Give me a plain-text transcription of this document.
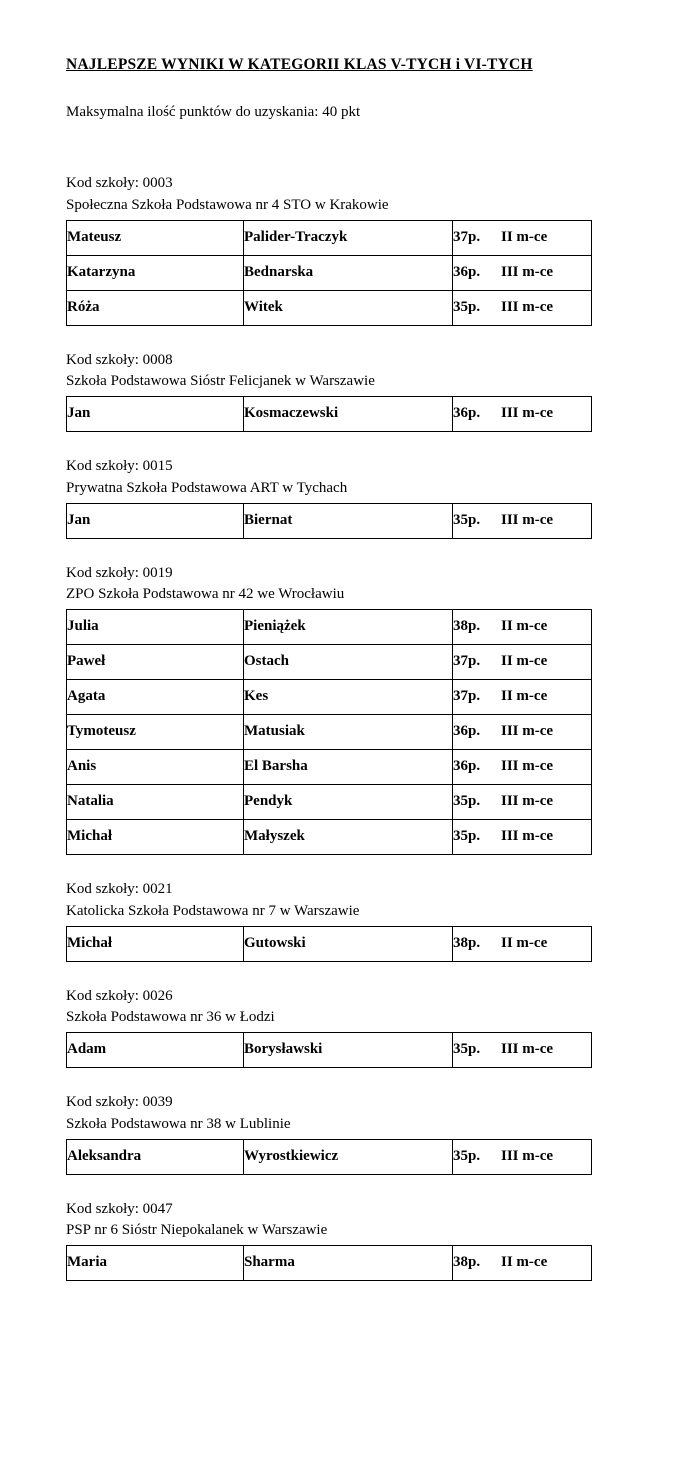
NAJLEPSZE WYNIKI W KATEGORII KLAS V-TYCH i VI-TYCH

Maksymalna ilość punktów do uzyskania: 40 pkt

Kod szkoły: 0003
Społeczna Szkoła Podstawowa nr 4 STO w Krakowie
Mateusz	Palider-Traczyk	37p. II m-ce

Katarzyna	Bednarska	36p. III m-ce

Róża	Witek	35p. III m-ce
Kod szkoły: 0008
Szkoła Podstawowa Sióstr Felicjanek w Warszawie
Jan	Kosmaczewski	36p.	III m-ce
Kod szkoły: 0015
Prywatna Szkoła Podstawowa ART w Tychach
Jan	Biernat	35p.	III m-ce
Kod szkoły: 0019
ZPO Szkoła Podstawowa nr 42 we Wrocławiu
Julia	Pieniążek	38p. II m-ce

Paweł	Ostach	37p. II m-ce

Agata	Kes	37p. II m-ce

Tymoteusz	Matusiak	36p. III m-ce

Anis	El Barsha	36p. III m-ce

Natalia	Pendyk	35p. III m-ce

Michał	Małyszek	35p. III m-ce
Kod szkoły: 0021
Katolicka Szkoła Podstawowa nr 7 w Warszawie
Michał	Gutowski	38p.	II m-ce
Kod szkoły: 0026
Szkoła Podstawowa nr 36 w Łodzi
Adam	Borysławski	35p.	III m-ce
Kod szkoły: 0039
Szkoła Podstawowa nr 38 w Lublinie
Aleksandra	Wyrostkiewicz	35p.	III m-ce
Kod szkoły: 0047
PSP nr 6 Sióstr Niepokalanek w Warszawie
Maria	Sharma	38p.	II m-ce
